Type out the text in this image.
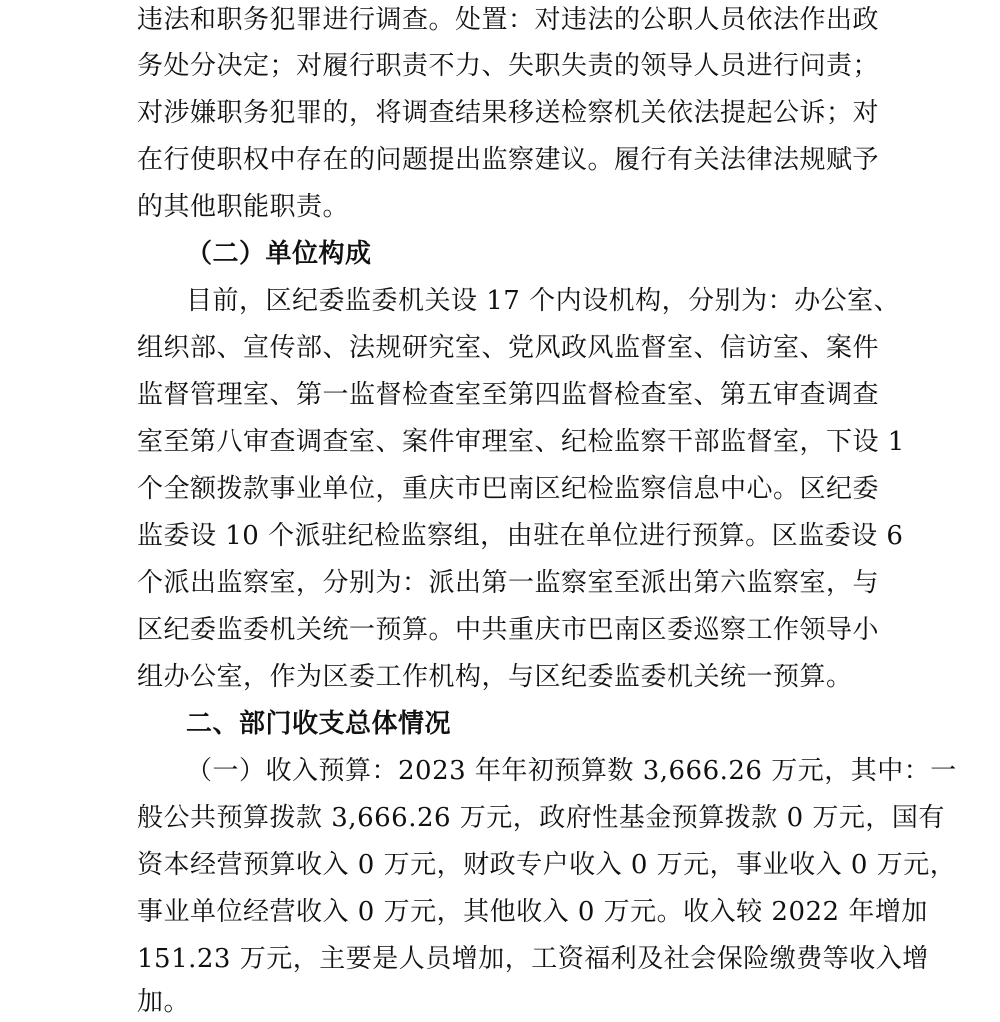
违法和职务犯罪进行调查。处置：对违法的公职人员依法作出政
务处分决定；对履行职责不力、失职失责的领导人员进行问责；
对涉嫌职务犯罪的，将调查结果移送检察机关依法提起公诉；对
在行使职权中存在的问题提出监察建议。履行有关法律法规赋予
的其他职能职责。
（二）单位构成
目前，区纪委监委机关设 17 个内设机构，分别为：办公室、
组织部、宣传部、法规研究室、党风政风监督室、信访室、案件
监督管理室、第一监督检查室至第四监督检查室、第五审查调查
室至第八审查调查室、案件审理室、纪检监察干部监督室，下设 1
个全额拨款事业单位，重庆市巴南区纪检监察信息中心。区纪委
监委设 10 个派驻纪检监察组，由驻在单位进行预算。区监委设 6
个派出监察室，分别为：派出第一监察室至派出第六监察室，与
区纪委监委机关统一预算。中共重庆市巴南区委巡察工作领导小
组办公室，作为区委工作机构，与区纪委监委机关统一预算。
二、部门收支总体情况
（一）收入预算：2023 年年初预算数 3,666.26 万元，其中：一
般公共预算拨款 3,666.26 万元，政府性基金预算拨款 0 万元，国有
资本经营预算收入 0 万元，财政专户收入 0 万元，事业收入 0 万元，
事业单位经营收入 0 万元，其他收入 0 万元。收入较 2022 年增加
151.23 万元，主要是人员增加，工资福利及社会保险缴费等收入增
加。
